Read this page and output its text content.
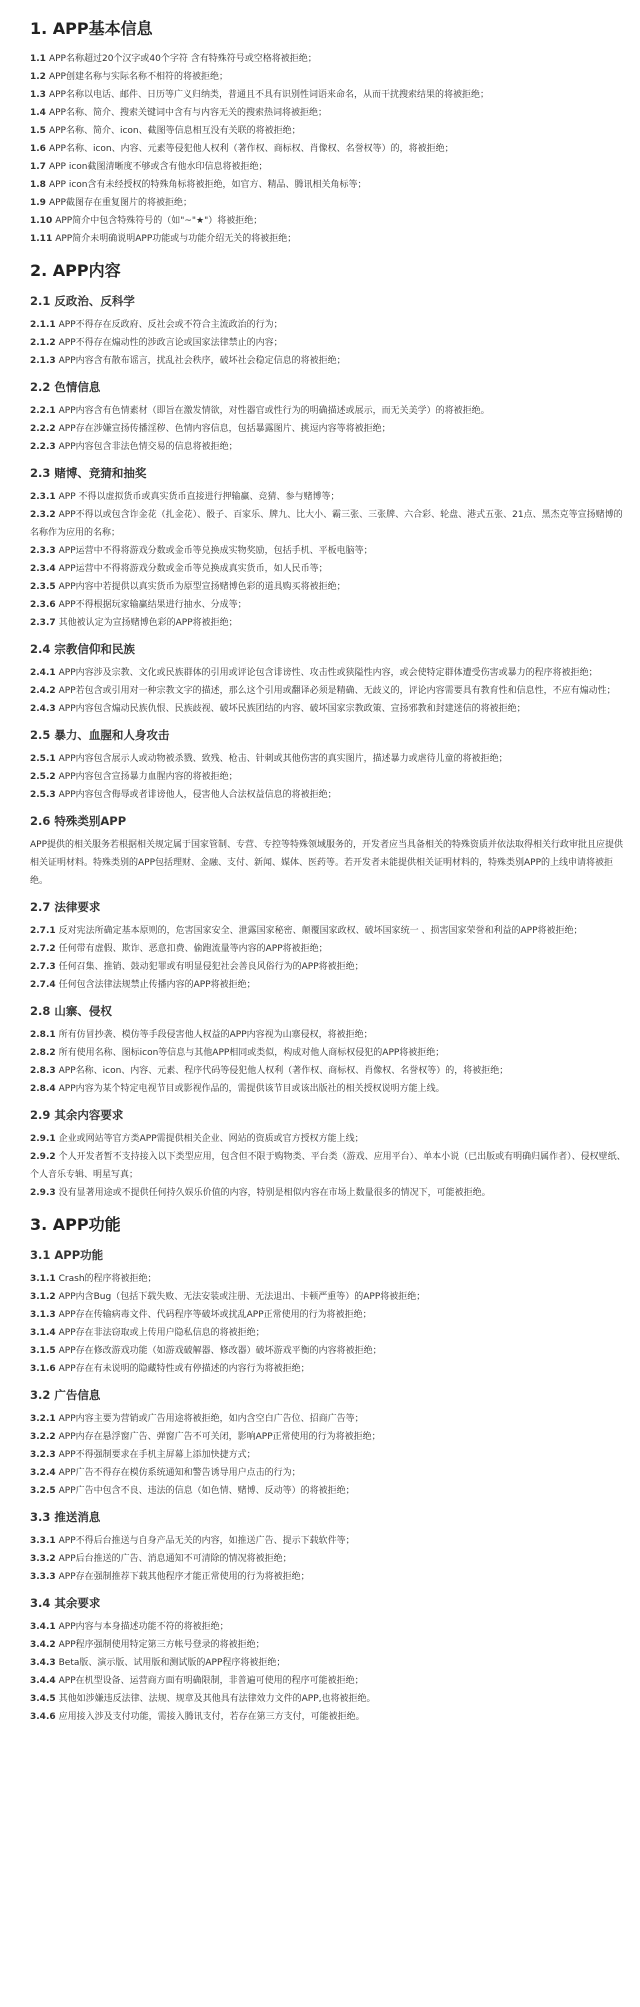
1. APP基本信息

1.1 APP名称超过20个汉字或40个字符 含有特殊符号或空格将被拒绝；

1.2 APP创建名称与实际名称不相符的将被拒绝；

1.3 APP名称以电话、邮件、日历等广义归纳类，普通且不具有识别性词语来命名，从而干扰搜索结果的将被拒绝；

1.4 APP名称、简介、搜索关键词中含有与内容无关的搜索热词将被拒绝；

1.5 APP名称、简介、icon、截图等信息相互没有关联的将被拒绝；

1.6 APP名称、icon、内容、元素等侵犯他人权利（著作权、商标权、肖像权、名誉权等）的，将被拒绝；

1.7 APP icon截图清晰度不够或含有他水印信息将被拒绝；

1.8 APP icon含有未经授权的特殊角标将被拒绝，如官方、精品、腾讯相关角标等；

1.9 APP截图存在重复图片的将被拒绝；

1.10 APP简介中包含特殊符号的（如"~"★"）将被拒绝；

1.11 APP简介未明确说明APP功能或与功能介绍无关的将被拒绝；

2. APP内容
2.1 反政治、反科学

2.1.1 APP不得存在反政府、反社会或不符合主流政治的行为；

2.1.2 APP不得存在煽动性的涉政言论或国家法律禁止的内容；

2.1.3 APP内容含有散布谣言，扰乱社会秩序，破坏社会稳定信息的将被拒绝；

2.2 色情信息

2.2.1 APP内容含有色情素材（即旨在激发情欲，对性器官或性行为的明确描述或展示，而无关美学）的将被拒绝。

2.2.2 APP存在涉嫌宣扬传播淫秽、色情内容信息，包括暴露图片、挑逗内容等将被拒绝；

2.2.3 APP内容包含非法色情交易的信息将被拒绝；

2.3 赌博、竞猜和抽奖

2.3.1 APP 不得以虚拟货币或真实货币直接进行押输赢、竞猜、参与赌博等；

2.3.2 APP不得以或包含诈金花（扎金花）、骰子、百家乐、牌九、比大小、霸三张、三张牌、六合彩、轮盘、港式五张、21点、黑杰克等宣扬赌博的名称作为应用的名称；

2.3.3 APP运营中不得将游戏分数或金币等兑换成实物奖励，包括手机、平板电脑等；

2.3.4 APP运营中不得将游戏分数或金币等兑换成真实货币，如人民币等；

2.3.5 APP内容中若提供以真实货币为原型宣扬赌博色彩的道具购买将被拒绝；

2.3.6 APP不得根据玩家输赢结果进行抽水、分成等；

2.3.7 其他被认定为宣扬赌博色彩的APP将被拒绝；

2.4 宗教信仰和民族

2.4.1 APP内容涉及宗教、文化或民族群体的引用或评论包含诽谤性、攻击性或狭隘性内容，或会使特定群体遭受伤害或暴力的程序将被拒绝；

2.4.2 APP若包含或引用对一种宗教文字的描述，那么这个引用或翻译必须是精确、无歧义的，评论内容需要具有教育性和信息性，不应有煽动性；

2.4.3 APP内容包含煽动民族仇恨、民族歧视、破坏民族团结的内容、破坏国家宗教政策、宣扬邪教和封建迷信的将被拒绝；

2.5 暴力、血腥和人身攻击

2.5.1 APP内容包含展示人或动物被杀戮、致残、枪击、针刺或其他伤害的真实图片，描述暴力或虐待儿童的将被拒绝；

2.5.2 APP内容包含宣扬暴力血腥内容的将被拒绝；

2.5.3 APP内容包含侮辱或者诽谤他人，侵害他人合法权益信息的将被拒绝；

2.6 特殊类别APP

APP提供的相关服务若根据相关规定属于国家管制、专营、专控等特殊领域服务的，开发者应当具备相关的特殊资质并依法取得相关行政审批且应提供相关证明材料。特殊类别的APP包括理财、金融、支付、新闻、媒体、医药等。若开发者未能提供相关证明材料的，特殊类别APP的上线申请将被拒绝。

2.7 法律要求

2.7.1 反对宪法所确定基本原则的，危害国家安全、泄露国家秘密、颠覆国家政权、破坏国家统一 、损害国家荣誉和利益的APP将被拒绝；

2.7.2 任何带有虚假、欺诈、恶意扣费、偷跑流量等内容的APP将被拒绝；

2.7.3 任何召集、推销、鼓动犯罪或有明显侵犯社会善良风俗行为的APP将被拒绝；

2.7.4 任何包含法律法规禁止传播内容的APP将被拒绝；

2.8 山寨、侵权

2.8.1 所有仿冒抄袭、模仿等手段侵害他人权益的APP内容视为山寨侵权，将被拒绝；

2.8.2 所有使用名称、图标icon等信息与其他APP相同或类似，构成对他人商标权侵犯的APP将被拒绝；

2.8.3 APP名称、icon、内容、元素、程序代码等侵犯他人权利（著作权、商标权、肖像权、名誉权等）的，将被拒绝；

2.8.4 APP内容为某个特定电视节目或影视作品的，需提供该节目或该出版社的相关授权说明方能上线。

2.9 其余内容要求

2.9.1 企业或网站等官方类APP需提供相关企业、网站的资质或官方授权方能上线；

2.9.2 个人开发者暂不支持接入以下类型应用，包含但不限于购物类、平台类（游戏、应用平台）、单本小说（已出版或有明确归属作者）、侵权壁纸、个人音乐专辑、明星写真；

2.9.3 没有显著用途或不提供任何持久娱乐价值的内容，特别是相似内容在市场上数量很多的情况下，可能被拒绝。

3. APP功能
3.1 APP功能

3.1.1 Crash的程序将被拒绝；

3.1.2 APP内含Bug（包括下载失败、无法安装或注册、无法退出、卡顿严重等）的APP将被拒绝；

3.1.3 APP存在传输病毒文件、代码程序等破坏或扰乱APP正常使用的行为将被拒绝；

3.1.4 APP存在非法窃取或上传用户隐私信息的将被拒绝；

3.1.5 APP存在修改游戏功能（如游戏破解器、修改器）破坏游戏平衡的内容将被拒绝；

3.1.6 APP存在有未说明的隐藏特性或有停描述的内容行为将被拒绝；

3.2 广告信息

3.2.1 APP内容主要为营销或广告用途将被拒绝，如内含空白广告位、招商广告等；

3.2.2 APP内存在悬浮窗广告、弹窗广告不可关闭，影响APP正常使用的行为将被拒绝；

3.2.3 APP不得强制要求在手机主屏幕上添加快捷方式；

3.2.4 APP广告不得存在模仿系统通知和警告诱导用户点击的行为；

3.2.5 APP广告中包含不良、违法的信息（如色情、赌博、反动等）的将被拒绝；

3.3 推送消息

3.3.1 APP不得后台推送与自身产品无关的内容，如推送广告、提示下载软件等；

3.3.2 APP后台推送的广告、消息通知不可清除的情况将被拒绝；

3.3.3 APP存在强制推荐下载其他程序才能正常使用的行为将被拒绝；

3.4 其余要求

3.4.1 APP内容与本身描述功能不符的将被拒绝；

3.4.2 APP程序强制使用特定第三方帐号登录的将被拒绝；

3.4.3 Beta版、演示版、试用版和测试版的APP程序将被拒绝；

3.4.4 APP在机型设备、运营商方面有明确限制，非普遍可使用的程序可能被拒绝；

3.4.5 其他如涉嫌违反法律、法规、规章及其他具有法律效力文件的APP,也将被拒绝。

3.4.6 应用接入涉及支付功能，需接入腾讯支付，若存在第三方支付，可能被拒绝。
